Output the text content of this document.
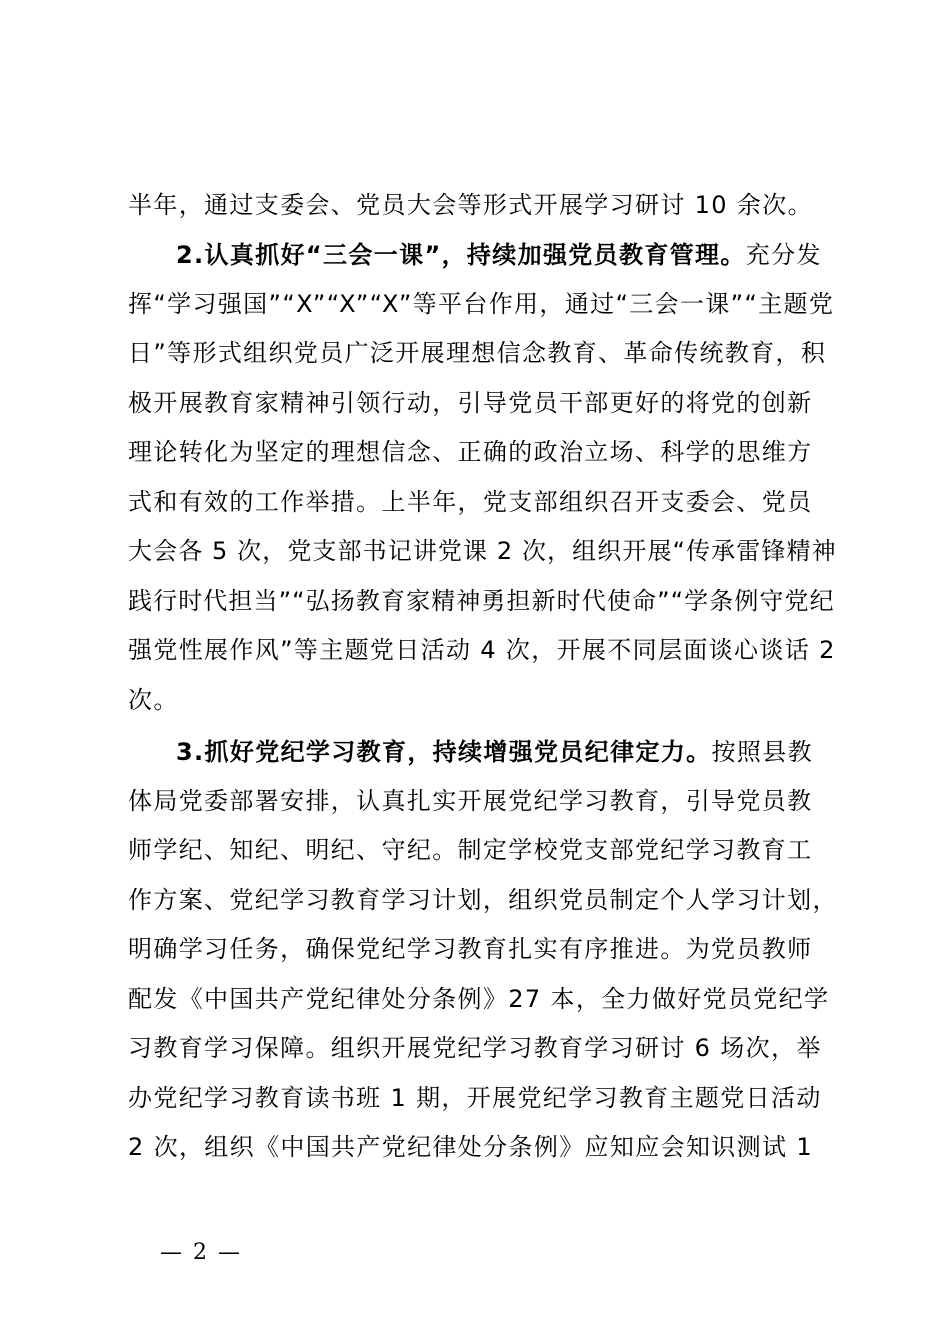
半年，通过支委会、党员大会等形式开展学习研讨 10 余次。
2.认真抓好“三会一课”，持续加强党员教育管理。充分发
挥“学习强国”“X”“X”“X”等平台作用，通过“三会一课”“主题党
日”等形式组织党员广泛开展理想信念教育、革命传统教育，积
极开展教育家精神引领行动，引导党员干部更好的将党的创新
理论转化为坚定的理想信念、正确的政治立场、科学的思维方
式和有效的工作举措。上半年，党支部组织召开支委会、党员
大会各 5 次，党支部书记讲党课 2 次，组织开展“传承雷锋精神
践行时代担当”“弘扬教育家精神勇担新时代使命”“学条例守党纪
强党性展作风”等主题党日活动 4 次，开展不同层面谈心谈话 2
次。
3.抓好党纪学习教育，持续增强党员纪律定力。按照县教
体局党委部署安排，认真扎实开展党纪学习教育，引导党员教
师学纪、知纪、明纪、守纪。制定学校党支部党纪学习教育工
作方案、党纪学习教育学习计划，组织党员制定个人学习计划，
明确学习任务，确保党纪学习教育扎实有序推进。为党员教师
配发《中国共产党纪律处分条例》27 本，全力做好党员党纪学
习教育学习保障。组织开展党纪学习教育学习研讨 6 场次，举
办党纪学习教育读书班 1 期，开展党纪学习教育主题党日活动
2 次，组织《中国共产党纪律处分条例》应知应会知识测试 1
— 2 —
